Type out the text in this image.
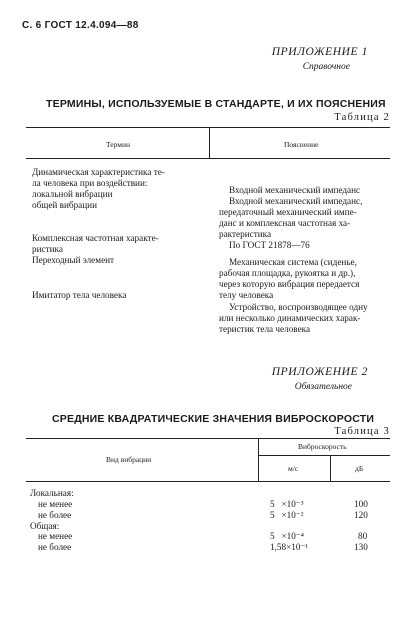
С. 6 ГОСТ 12.4.094—88
ПРИЛОЖЕНИЕ 1
Справочное
ТЕРМИНЫ, ИСПОЛЬЗУЕМЫЕ В СТАНДАРТЕ, И ИХ ПОЯСНЕНИЯ
Таблица 2
Термин	Пояснение
Динамическая характеристика те-
ла человека при воздействии:
локальной вибрации
общей вибрации
Комплексная частотная характе-
ристика
Переходный элемент
Имитатор тела человека
Входной механический импеданс
Входной механический импеданс,
передаточный механический импе-
данс и комплексная частотная ха-
рактеристика
По ГОСТ 21878—76
Механическая система (сиденье,
рабочая площадка, рукоятка и др.),
через которую вибрация передается
телу человека
Устройство, воспроизводящее одну
или несколько динамических харак-
теристик тела человека
ПРИЛОЖЕНИЕ 2
Обязательное
СРЕДНИЕ КВАДРАТИЧЕСКИЕ ЗНАЧЕНИЯ ВИБРОСКОРОСТИ
Таблица 3
Вид вибрации
Виброскорость
м/с	дБ
Локальная:
не менее
не более
Общая:
не менее
не более
5   ×10⁻³
5   ×10⁻²
5   ×10⁻⁴
1,58×10⁻¹
100
120
80
130
